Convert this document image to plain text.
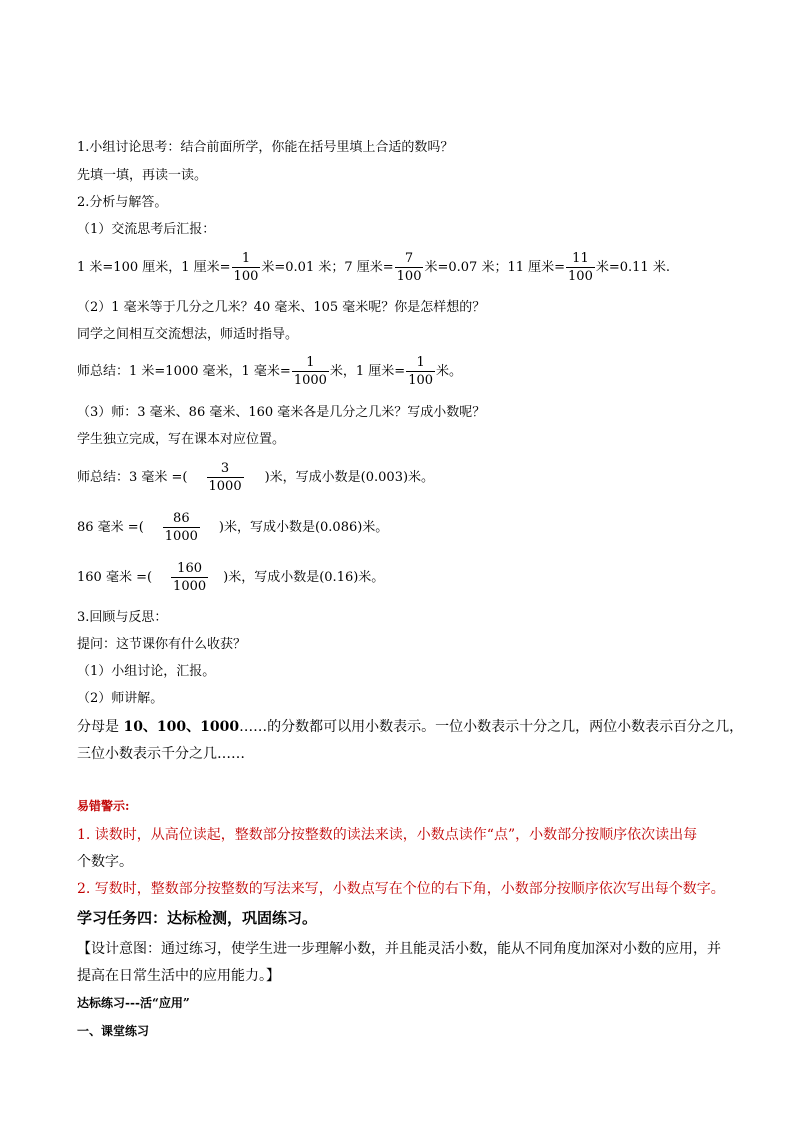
1.小组讨论思考：结合前面所学，你能在括号里填上合适的数吗？
先填一填，再读一读。
2.分析与解答。
（1）交流思考后汇报：
1 米=100 厘米，1 厘米= $\frac{1}{100}$ 米=0.01 米；7 厘米= $\frac{7}{100}$ 米=0.07 米；11 厘米= $\frac{11}{100}$ 米=0.11 米.
（2）1 毫米等于几分之几米？40 毫米、105 毫米呢？你是怎样想的？
同学之间相互交流想法，师适时指导。
师总结：1 米=1000 毫米，1 毫米= $\frac{1}{1000}$ 米，1 厘米= $\frac{1}{100}$ 米。
（3）师：3 毫米、86 毫米、160 毫米各是几分之几米？写成小数呢？
学生独立完成，写在课本对应位置。
师总结：3 毫米 =( $\frac{3}{1000}$ )米，写成小数是(0.003)米。
86 毫米 =( $\frac{86}{1000}$ )米，写成小数是(0.086)米。
160 毫米 =( $\frac{160}{1000}$ )米，写成小数是(0.16)米。
3.回顾与反思：
提问：这节课你有什么收获？
（1）小组讨论，汇报。
（2）师讲解。
分母是 10、100、1000……的分数都可以用小数表示。一位小数表示十分之几，两位小数表示百分之几，
三位小数表示千分之几……
易错警示:
1. 读数时，从高位读起，整数部分按整数的读法来读，小数点读作“点”，小数部分按顺序依次读出每
个数字。
2. 写数时，整数部分按整数的写法来写，小数点写在个位的右下角，小数部分按顺序依次写出每个数字。
学习任务四：达标检测，巩固练习。
【设计意图：通过练习，使学生进一步理解小数，并且能灵活小数，能从不同角度加深对小数的应用，并
提高在日常生活中的应用能力。】
达标练习---活“应用”
一、课堂练习
